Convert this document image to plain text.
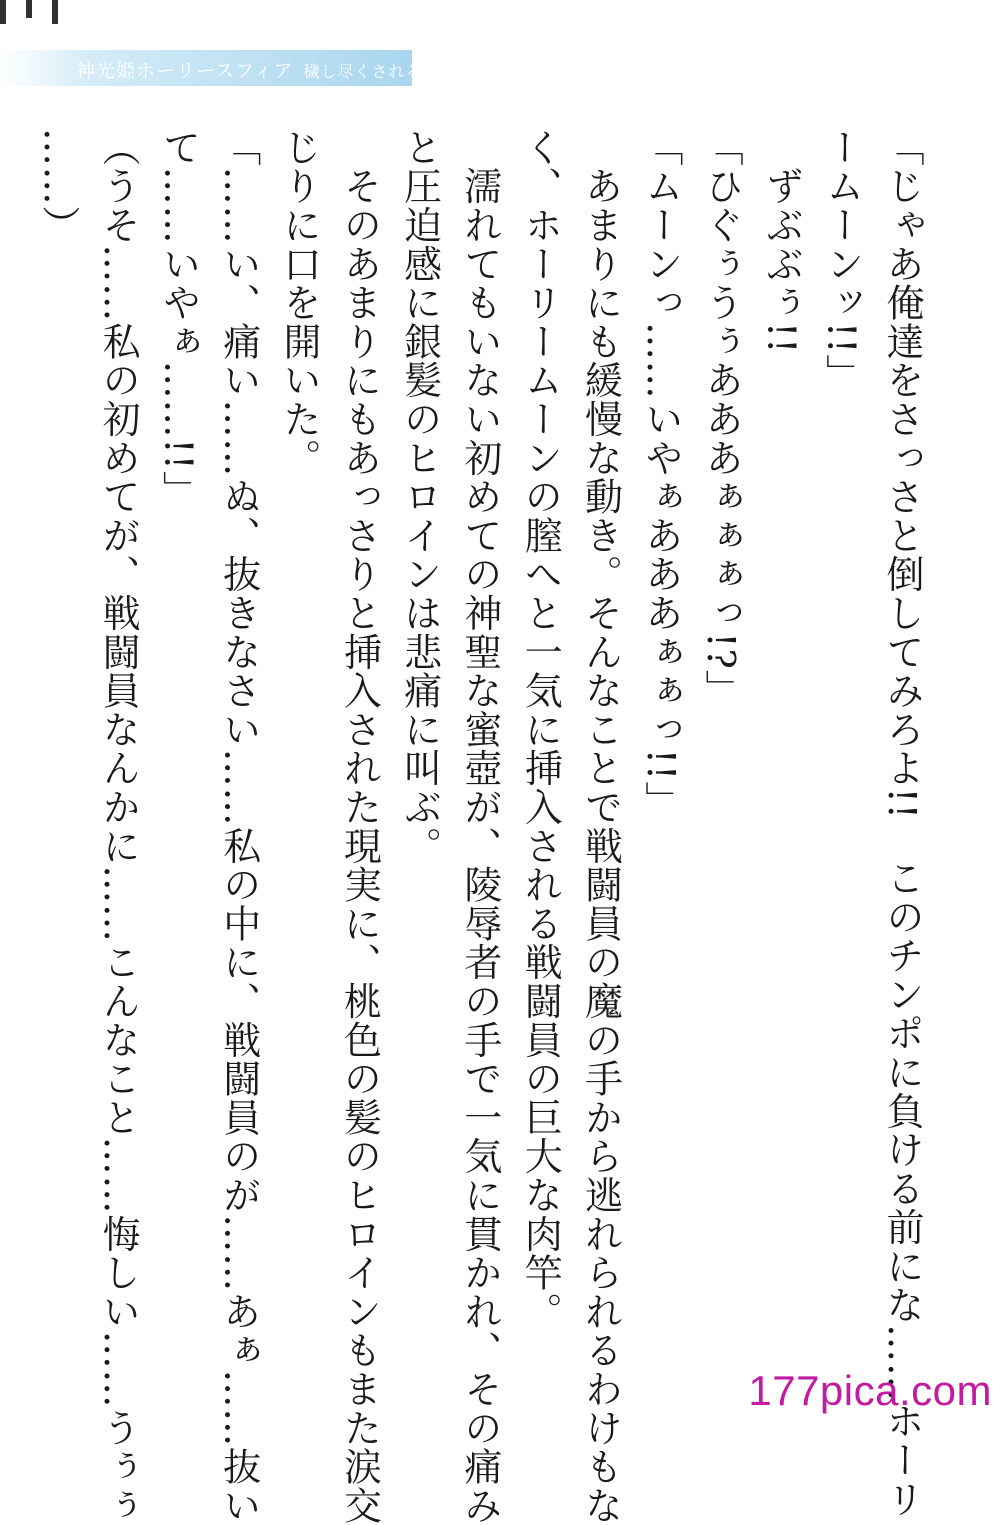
神光姫ホーリースフィア 穢し尽くされる正義

「じゃあ俺達をさっさと倒してみろよ!!　このチンポに負ける前にな……ホーリ

ームーンッ!!」

　ずぶぶぅ!!

「ひぐぅうぅあああぁぁぁっ!?」

「ムーンっ……いやぁあああぁぁっ!!」

　あまりにも緩慢な動き。そんなことで戦闘員の魔の手から逃れられるわけもな

く、ホーリームーンの膣へと一気に挿入される戦闘員の巨大な肉竿。

　濡れてもいない初めての神聖な蜜壺が、陵辱者の手で一気に貫かれ、その痛み

と圧迫感に銀髪のヒロインは悲痛に叫ぶ。

　そのあまりにもあっさりと挿入された現実に、桃色の髪のヒロインもまた涙交

じりに口を開いた。

「……い、痛い……ぬ、抜きなさい……私の中に、戦闘員のが……あぁ……抜い

て……いやぁ……!!」

（うそ……私の初めてが、戦闘員なんかに……こんなこと……悔しい……うぅぅ

……）

177pica.com
